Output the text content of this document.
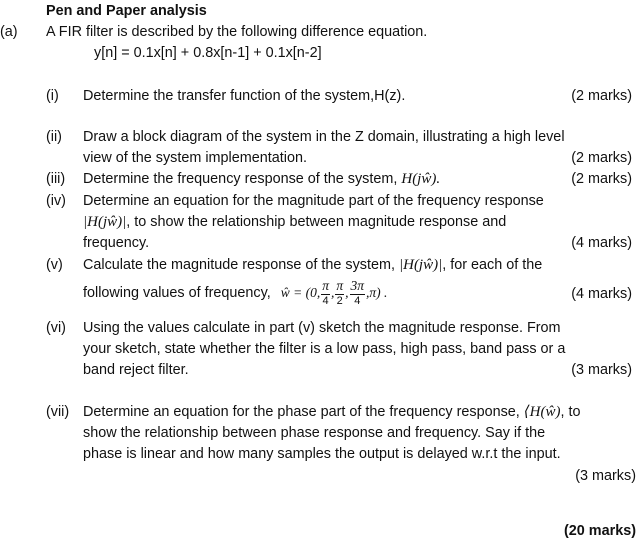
Pen and Paper analysis
(a) A FIR filter is described by the following difference equation.
y[n] = 0.1x[n] + 0.8x[n-1] + 0.1x[n-2]
(i) Determine the transfer function of the system,H(z).	(2 marks)
(ii) Draw a block diagram of the system in the Z domain, illustrating a high level
view of the system implementation.	(2 marks)
(iii) Determine the frequency response of the system, H(jŵ).	(2 marks)
(iv) Determine an equation for the magnitude part of the frequency response
|H(jŵ)|, to show the relationship between magnitude response and
frequency.	(4 marks)
(v) Calculate the magnitude response of the system, |H(jŵ)|, for each of the
following values of frequency, ŵ = (0, $\frac{\pi}{4}$ , $\frac{\pi}{2}$ , $\frac{3\pi}{4} ,\pi$) .	(4 marks)
(vi) Using the values calculate in part (v) sketch the magnitude response. From
your sketch, state whether the filter is a low pass, high pass, band pass or a
band reject filter.	(3 marks)
(vii) Determine an equation for the phase part of the frequency response, ⟨H(ŵ), to
show the relationship between phase response and frequency. Say if the
phase is linear and how many samples the output is delayed w.r.t the input.
(3 marks)
(20 marks)
